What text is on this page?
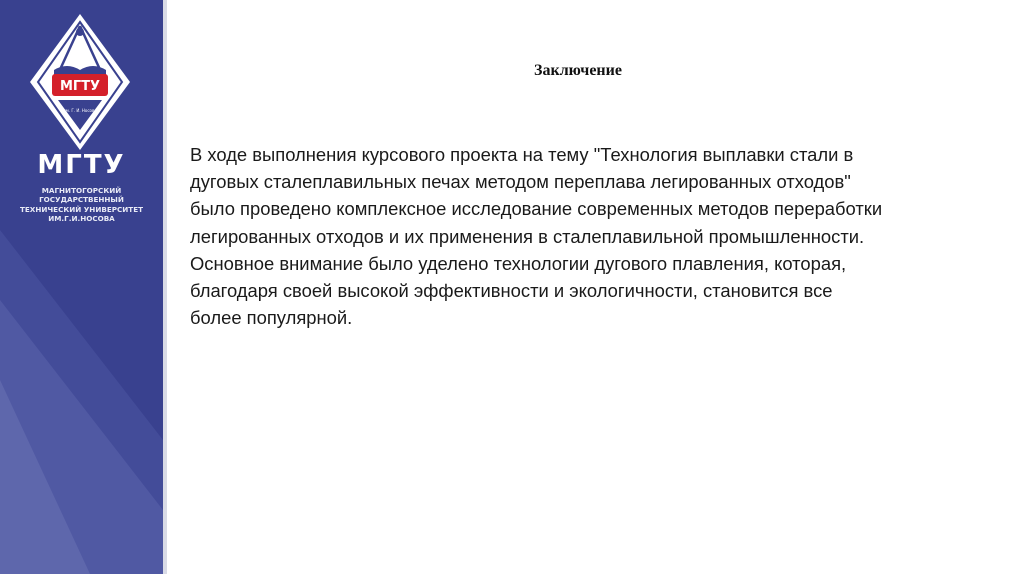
МГТУ
им. Г. И. Носова
МГТУ
МАГНИТОГОРСКИЙ ГОСУДАРСТВЕННЫЙ ТЕХНИЧЕСКИЙ УНИВЕРСИТЕТ ИМ.Г.И.НОСОВА
Заключение

В ходе выполнения курсового проекта на тему "Технология выплавки стали в
дуговых сталеплавильных печах методом переплава легированных отходов"
было проведено комплексное исследование современных методов переработки
легированных отходов и их применения в сталеплавильной промышленности.
Основное внимание было уделено технологии дугового плавления, которая,
благодаря своей высокой эффективности и экологичности, становится все
более популярной.
